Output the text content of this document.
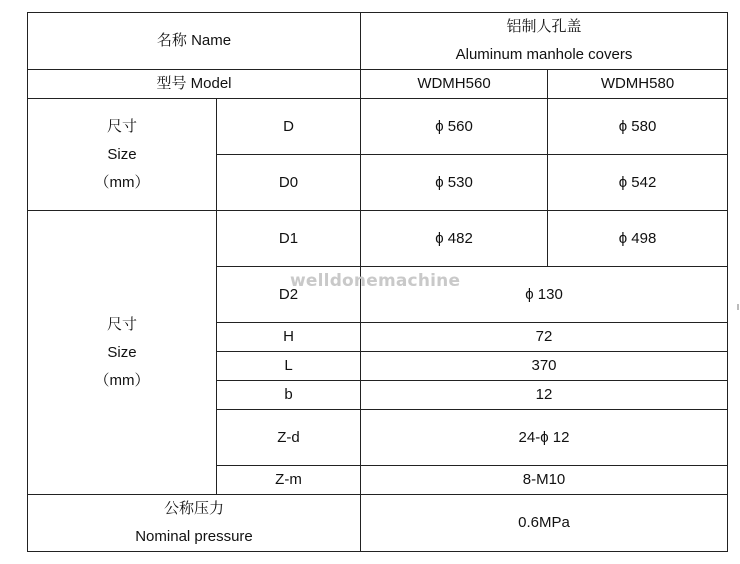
名称 Name		铝制人孔盖
Aluminum manhole covers	

型号 Model		WDMH560	WDMH580

尺寸
Size
（mm）	D	ϕ 560	ϕ 580
	D0	ϕ 530	ϕ 542

尺寸
Size
（mm）	D1	ϕ 482	ϕ 498
	D2	ϕ 130	
	H	72	
	L	370	
	b	12	
	Z-d	24-ϕ 12	
	Z-m	8-M10	

公称压力
Nominal pressure		0.6MPa	
welldonemachine
